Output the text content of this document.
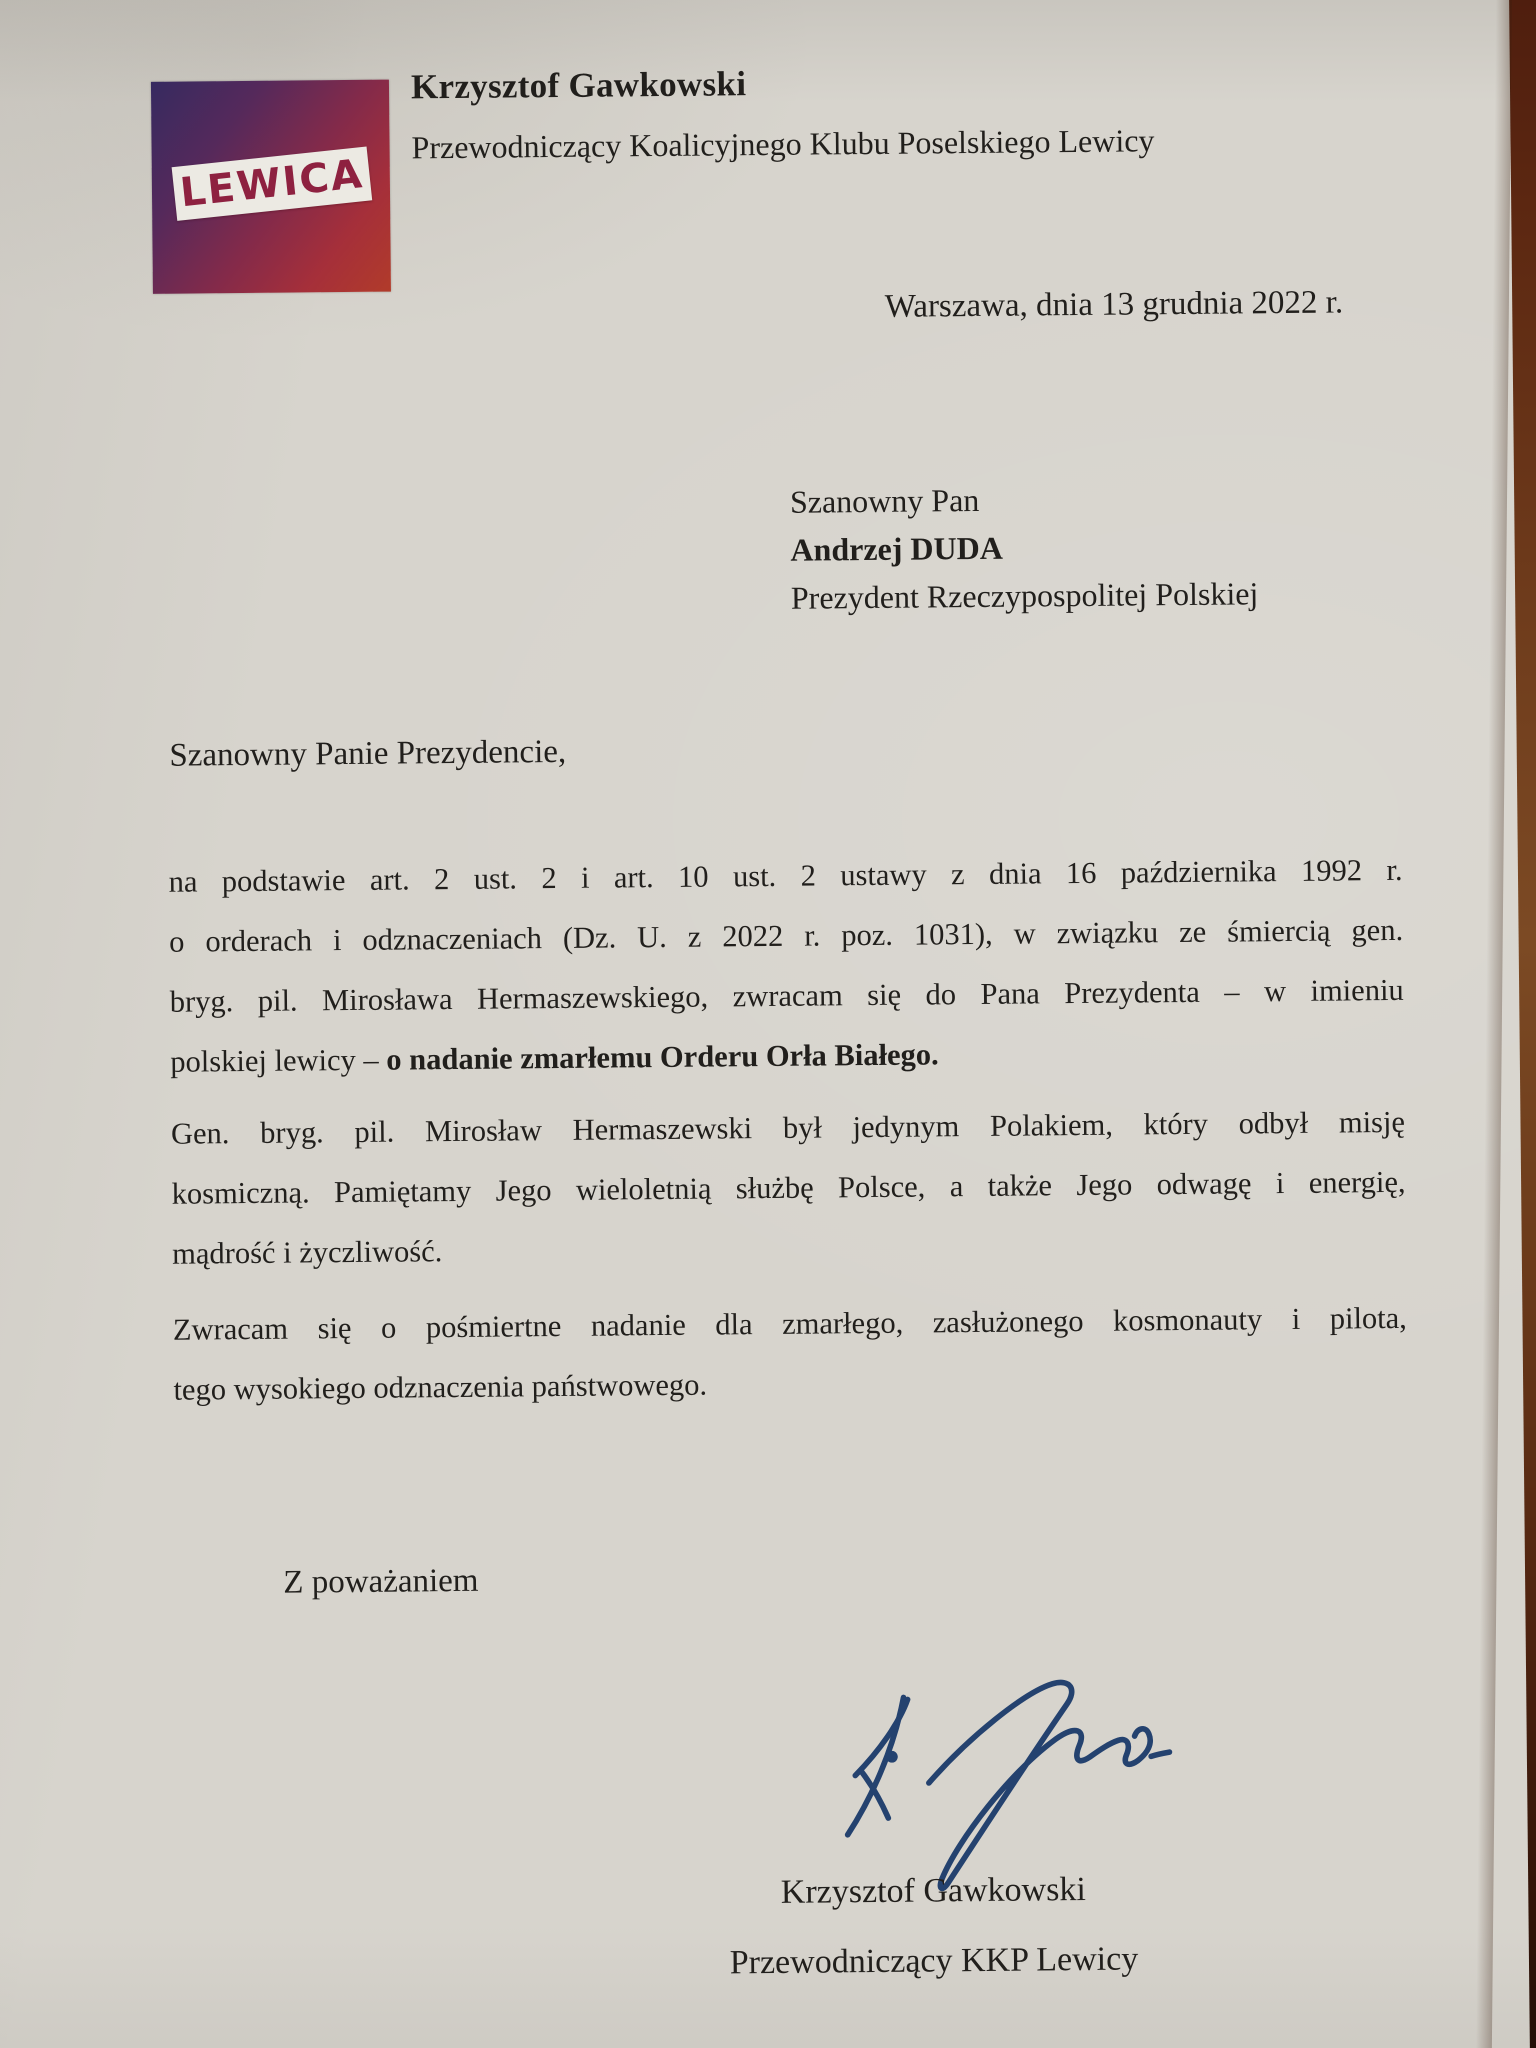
LEWICA
Krzysztof Gawkowski
Przewodniczący Koalicyjnego Klubu Poselskiego Lewicy
Warszawa, dnia 13 grudnia 2022 r.
Szanowny Pan
Andrzej DUDA
Prezydent Rzeczypospolitej Polskiej
Szanowny Panie Prezydencie,
na podstawie art. 2 ust. 2 i art. 10 ust. 2 ustawy z dnia 16 października 1992 r.
o orderach i odznaczeniach (Dz. U. z 2022 r. poz. 1031), w związku ze śmiercią gen.
bryg. pil. Mirosława Hermaszewskiego, zwracam się do Pana Prezydenta – w imieniu
polskiej lewicy – o nadanie zmarłemu Orderu Orła Białego.
Gen. bryg. pil. Mirosław Hermaszewski był jedynym Polakiem, który odbył misję
kosmiczną. Pamiętamy Jego wieloletnią służbę Polsce, a także Jego odwagę i energię,
mądrość i życzliwość.
Zwracam się o pośmiertne nadanie dla zmarłego, zasłużonego kosmonauty i pilota,
tego wysokiego odznaczenia państwowego.
Z poważaniem
Krzysztof Gawkowski
Przewodniczący KKP Lewicy
